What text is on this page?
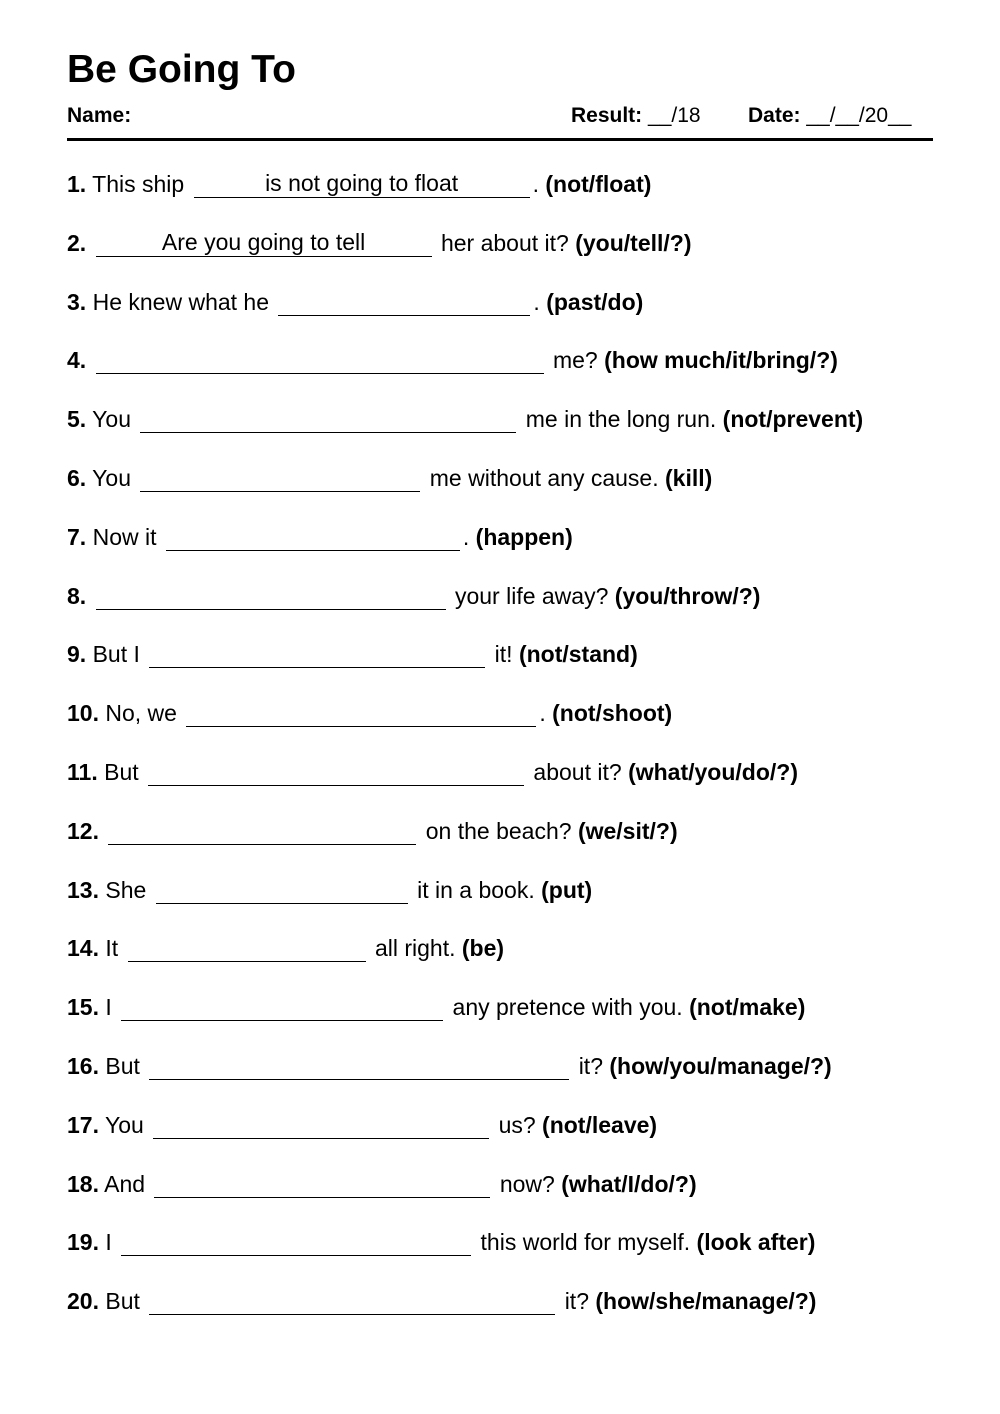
Be Going To
Name:	Result: __/18 Date: __/__/20__
1. This ship	is not going to float	. (not/float)
2.	Are you going to tell	her about it? (you/tell/?)
3. He knew what he	. (past/do)
4.	me? (how much/it/bring/?)
5. You	me in the long run. (not/prevent)
6. You	me without any cause. (kill)
7. Now it	. (happen)
8.	your life away? (you/throw/?)
9. But I	it! (not/stand)
10. No, we	. (not/shoot)
11. But	about it? (what/you/do/?)
12.	on the beach? (we/sit/?)
13. She	it in a book. (put)
14. It	all right. (be)
15. I	any pretence with you. (not/make)
16. But	it? (how/you/manage/?)
17. You	us? (not/leave)
18. And	now? (what/I/do/?)
19. I	this world for myself. (look after)
20. But	it? (how/she/manage/?)
